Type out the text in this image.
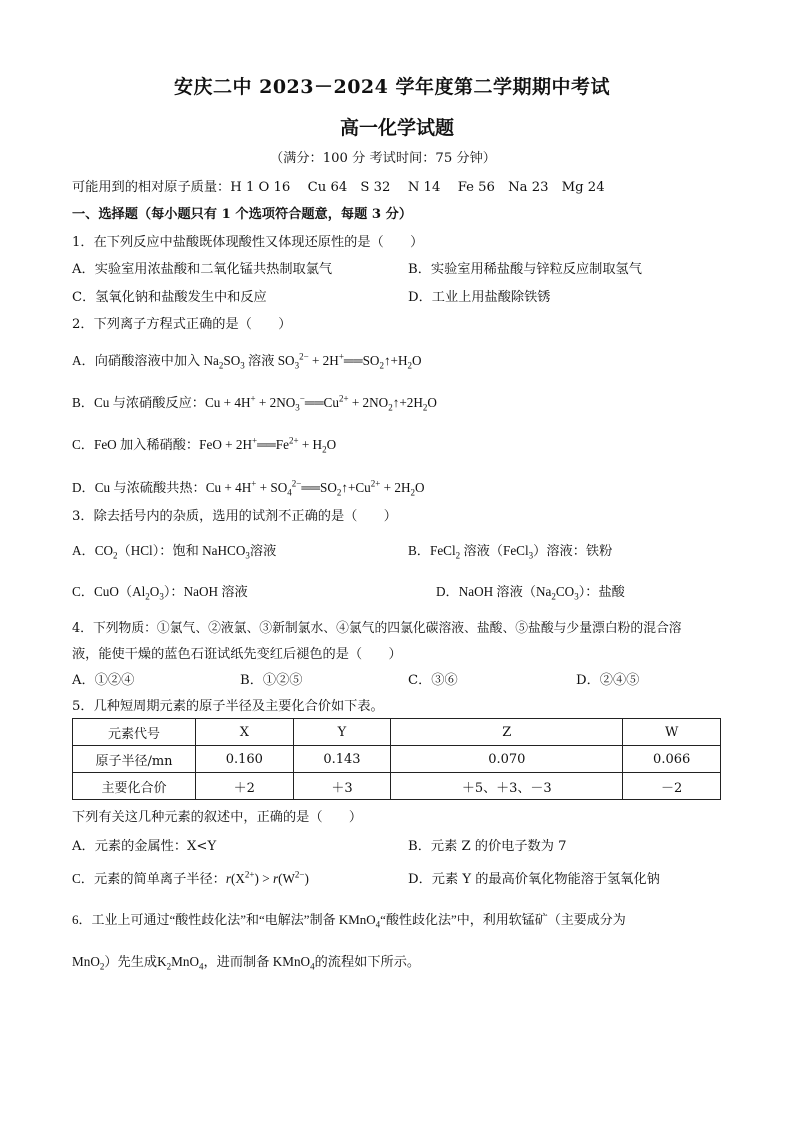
安庆二中 2023－2024 学年度第二学期期中考试
高一化学试题
（满分：100 分 考试时间：75 分钟）
可能用到的相对原子质量：H 1 O 16　 Cu 64　S 32　 N 14　 Fe 56　Na 23　Mg 24
一、选择题（每小题只有 1 个选项符合题意，每题 3 分）
1．在下列反应中盐酸既体现酸性又体现还原性的是（　　）
A．实验室用浓盐酸和二氧化锰共热制取氯气	B．实验室用稀盐酸与锌粒反应制取氢气
C．氢氧化钠和盐酸发生中和反应	D．工业上用盐酸除铁锈
2．下列离子方程式正确的是（　　）
A．向硝酸溶液中加入 $Na_2SO_3$ 溶液 $SO_3^{2-}$ + $2H^+══SO_2↑+H_2O$
B．Cu 与浓硝酸反应：$Cu + 4H^+ + 2NO_3^-══Cu^{2+}$ + $2NO_2↑+2H_2O$
C．FeO 加入稀硝酸：FeO + $2H^+══Fe^{2+} + H_2O$
D．Cu 与浓硫酸共热：$Cu + 4H^+ + SO_4^{2-}══SO_2↑+Cu^{2+} + 2H_2O$
3．除去括号内的杂质，选用的试剂不正确的是（　　）
A．$CO_2(HCl)$：饱和 NaHCO$_3$溶液	B．FeCl$_2$ 溶液（FeCl$_3$）溶液：铁粉
C．$CuO(Al_2O_3)$：NaOH 溶液	D．NaOH 溶液$(Na_2CO_3)$：盐酸
4．下列物质：①氯气、②液氯、③新制氯水、④氯气的四氯化碳溶液、盐酸、⑤盐酸与少量漂白粉的混合溶
液，能使干燥的蓝色石诳试纸先变红后褪色的是（　　）
A．①②④	B．①②⑤	C．③⑥	D．②④⑤
5．几种短周期元素的原子半径及主要化合价如下表。
元素代号	X	Y	Z	W
原子半径/mn	0.160	0.143	0.070	0.066
主要化合价	＋2	＋3	＋5、＋3、－3	－2
下列有关这几种元素的叙述中，正确的是（　　）
A．元素的金属性：X<Y	B．元素 Z 的价电子数为 7
C．元素的简单离子半径：$r(X^{2+}) > r(W^{2-})$	D．元素 Y 的最高价氧化物能溶于氢氧化钠
6．工业上可通过“酸性歧化法”和“电解法”制备 KMnO$_4$“酸性歧化法”中，利用软锰矿（主要成分为
MnO$_2$）先生成$K_2MnO_4$，进而制备 KMnO$_4$的流程如下所示。
